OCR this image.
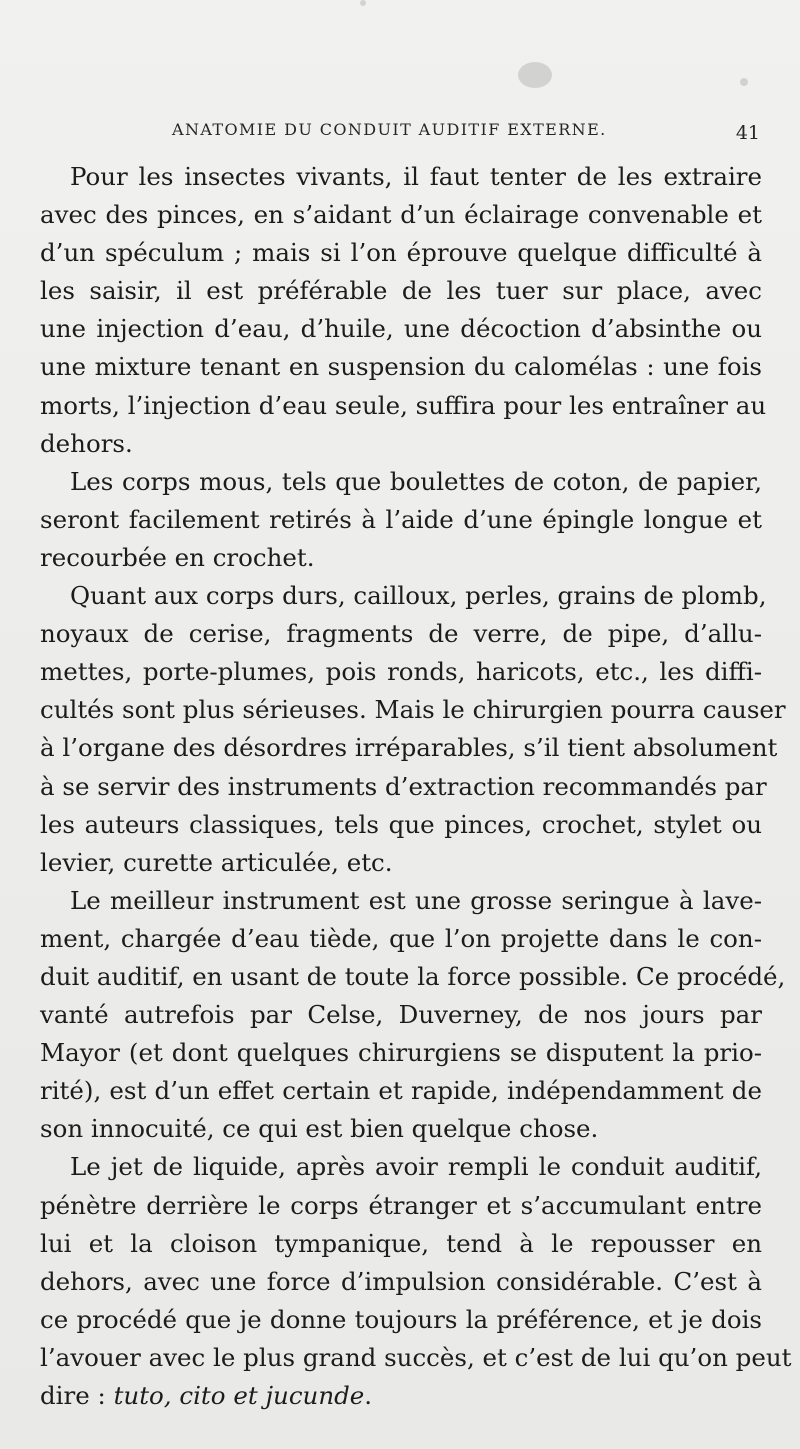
ANATOMIE DU CONDUIT AUDITIF EXTERNE.	41

Pour les insectes vivants, il faut tenter de les extraire
avec des pinces, en s’aidant d’un éclairage convenable et
d’un spéculum ; mais si l’on éprouve quelque difficulté à
les saisir, il est préférable de les tuer sur place, avec
une injection d’eau, d’huile, une décoction d’absinthe ou
une mixture tenant en suspension du calomélas : une fois
morts, l’injection d’eau seule, suffira pour les entraîner au
dehors.

Les corps mous, tels que boulettes de coton, de papier,
seront facilement retirés à l’aide d’une épingle longue et
recourbée en crochet.

Quant aux corps durs, cailloux, perles, grains de plomb,
noyaux de cerise, fragments de verre, de pipe, d’allu-
mettes, porte-plumes, pois ronds, haricots, etc., les diffi-
cultés sont plus sérieuses. Mais le chirurgien pourra causer
à l’organe des désordres irréparables, s’il tient absolument
à se servir des instruments d’extraction recommandés par
les auteurs classiques, tels que pinces, crochet, stylet ou
levier, curette articulée, etc.

Le meilleur instrument est une grosse seringue à lave-
ment, chargée d’eau tiède, que l’on projette dans le con-
duit auditif, en usant de toute la force possible. Ce procédé,
vanté autrefois par Celse, Duverney, de nos jours par
Mayor (et dont quelques chirurgiens se disputent la prio-
rité), est d’un effet certain et rapide, indépendamment de
son innocuité, ce qui est bien quelque chose.

Le jet de liquide, après avoir rempli le conduit auditif,
pénètre derrière le corps étranger et s’accumulant entre
lui et la cloison tympanique, tend à le repousser en
dehors, avec une force d’impulsion considérable. C’est à
ce procédé que je donne toujours la préférence, et je dois
l’avouer avec le plus grand succès, et c’est de lui qu’on peut
dire : tuto, cito et jucunde.
